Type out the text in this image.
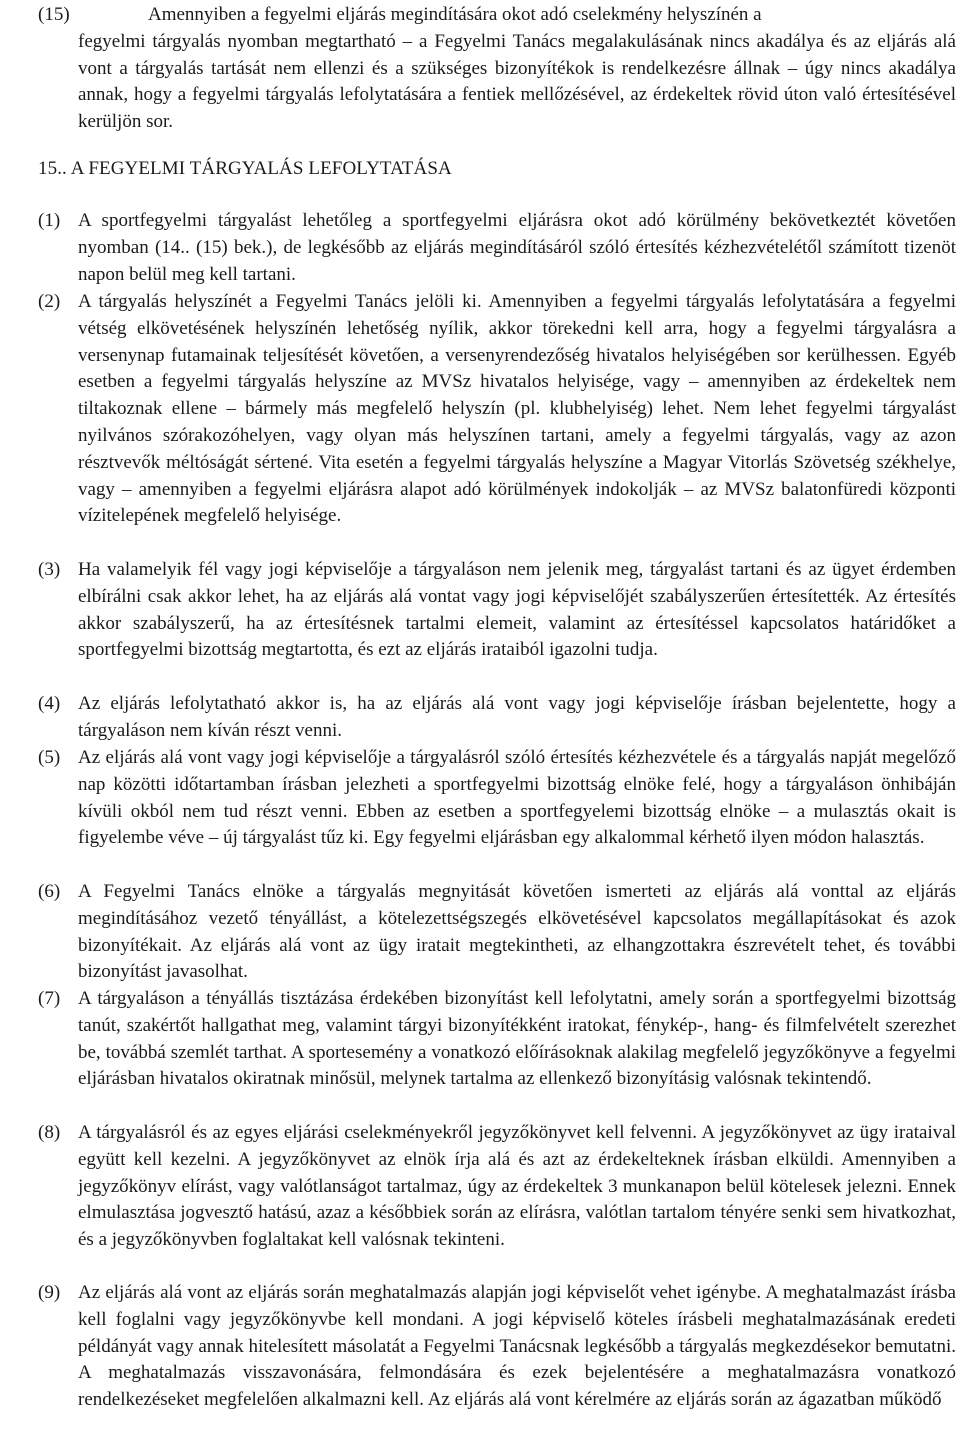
(15)	Amennyiben a fegyelmi eljárás megindítására okot adó cselekmény helyszínén a
fegyelmi tárgyalás nyomban megtartható – a Fegyelmi Tanács megalakulásának nincs akadálya és az eljárás alá vont a tárgyalás tartását nem ellenzi és a szükséges bizonyítékok is rendelkezésre állnak – úgy nincs akadálya annak, hogy a fegyelmi tárgyalás lefolytatására a fentiek mellőzésével, az érdekeltek rövid úton való értesítésével kerüljön sor.
15.. A FEGYELMI TÁRGYALÁS LEFOLYTATÁSA
(1) A sportfegyelmi tárgyalást lehetőleg a sportfegyelmi eljárásra okot adó körülmény bekövetkeztét követően nyomban (14.. (15) bek.), de legkésőbb az eljárás megindításáról szóló értesítés kézhezvételétől számított tizenöt napon belül meg kell tartani.
(2) A tárgyalás helyszínét a Fegyelmi Tanács jelöli ki. Amennyiben a fegyelmi tárgyalás lefolytatására a fegyelmi vétség elkövetésének helyszínén lehetőség nyílik, akkor törekedni kell arra, hogy a fegyelmi tárgyalásra a versenynap futamainak teljesítését követően, a versenyrendezőség hivatalos helyiségében sor kerülhessen. Egyéb esetben a fegyelmi tárgyalás helyszíne az MVSz hivatalos helyisége, vagy – amennyiben az érdekeltek nem tiltakoznak ellene – bármely más megfelelő helyszín (pl. klubhelyiség) lehet. Nem lehet fegyelmi tárgyalást nyilvános szórakozóhelyen, vagy olyan más helyszínen tartani, amely a fegyelmi tárgyalás, vagy az azon résztvevők méltóságát sértené. Vita esetén a fegyelmi tárgyalás helyszíne a Magyar Vitorlás Szövetség székhelye, vagy – amennyiben a fegyelmi eljárásra alapot adó körülmények indokolják – az MVSz balatonfüredi központi vízitelepének megfelelő helyisége.
(3) Ha valamelyik fél vagy jogi képviselője a tárgyaláson nem jelenik meg, tárgyalást tartani és az ügyet érdemben elbírálni csak akkor lehet, ha az eljárás alá vontat vagy jogi képviselőjét szabályszerűen értesítették. Az értesítés akkor szabályszerű, ha az értesítésnek tartalmi elemeit, valamint az értesítéssel kapcsolatos határidőket a sportfegyelmi bizottság megtartotta, és ezt az eljárás irataiból igazolni tudja.
(4) Az eljárás lefolytatható akkor is, ha az eljárás alá vont vagy jogi képviselője írásban bejelentette, hogy a tárgyaláson nem kíván részt venni.
(5) Az eljárás alá vont vagy jogi képviselője a tárgyalásról szóló értesítés kézhezvétele és a tárgyalás napját megelőző nap közötti időtartamban írásban jelezheti a sportfegyelmi bizottság elnöke felé, hogy a tárgyaláson önhibáján kívüli okból nem tud részt venni. Ebben az esetben a sportfegyelemi bizottság elnöke – a mulasztás okait is figyelembe véve – új tárgyalást tűz ki. Egy fegyelmi eljárásban egy alkalommal kérhető ilyen módon halasztás.
(6) A Fegyelmi Tanács elnöke a tárgyalás megnyitását követően ismerteti az eljárás alá vonttal az eljárás megindításához vezető tényállást, a kötelezettségszegés elkövetésével kapcsolatos megállapításokat és azok bizonyítékait. Az eljárás alá vont az ügy iratait megtekintheti, az elhangzottakra észrevételt tehet, és további bizonyítást javasolhat.
(7) A tárgyaláson a tényállás tisztázása érdekében bizonyítást kell lefolytatni, amely során a sportfegyelmi bizottság tanút, szakértőt hallgathat meg, valamint tárgyi bizonyítékként iratokat, fénykép-, hang- és filmfelvételt szerezhet be, továbbá szemlét tarthat. A sportesemény a vonatkozó előírásoknak alakilag megfelelő jegyzőkönyve a fegyelmi eljárásban hivatalos okiratnak minősül, melynek tartalma az ellenkező bizonyításig valósnak tekintendő.
(8) A tárgyalásról és az egyes eljárási cselekményekről jegyzőkönyvet kell felvenni. A jegyzőkönyvet az ügy irataival együtt kell kezelni. A jegyzőkönyvet az elnök írja alá és azt az érdekelteknek írásban elküldi. Amennyiben a jegyzőkönyv elírást, vagy valótlanságot tartalmaz, úgy az érdekeltek 3 munkanapon belül kötelesek jelezni. Ennek elmulasztása jogvesztő hatású, azaz a későbbiek során az elírásra, valótlan tartalom tényére senki sem hivatkozhat, és a jegyzőkönyvben foglaltakat kell valósnak tekinteni.
(9) Az eljárás alá vont az eljárás során meghatalmazás alapján jogi képviselőt vehet igénybe. A meghatalmazást írásba kell foglalni vagy jegyzőkönyvbe kell mondani. A jogi képviselő köteles írásbeli meghatalmazásának eredeti példányát vagy annak hitelesített másolatát a Fegyelmi Tanácsnak legkésőbb a tárgyalás megkezdésekor bemutatni. A meghatalmazás visszavonására, felmondására és ezek bejelentésére a meghatalmazásra vonatkozó rendelkezéseket megfelelően alkalmazni kell. Az eljárás alá vont kérelmére az eljárás során az ágazatban működő
